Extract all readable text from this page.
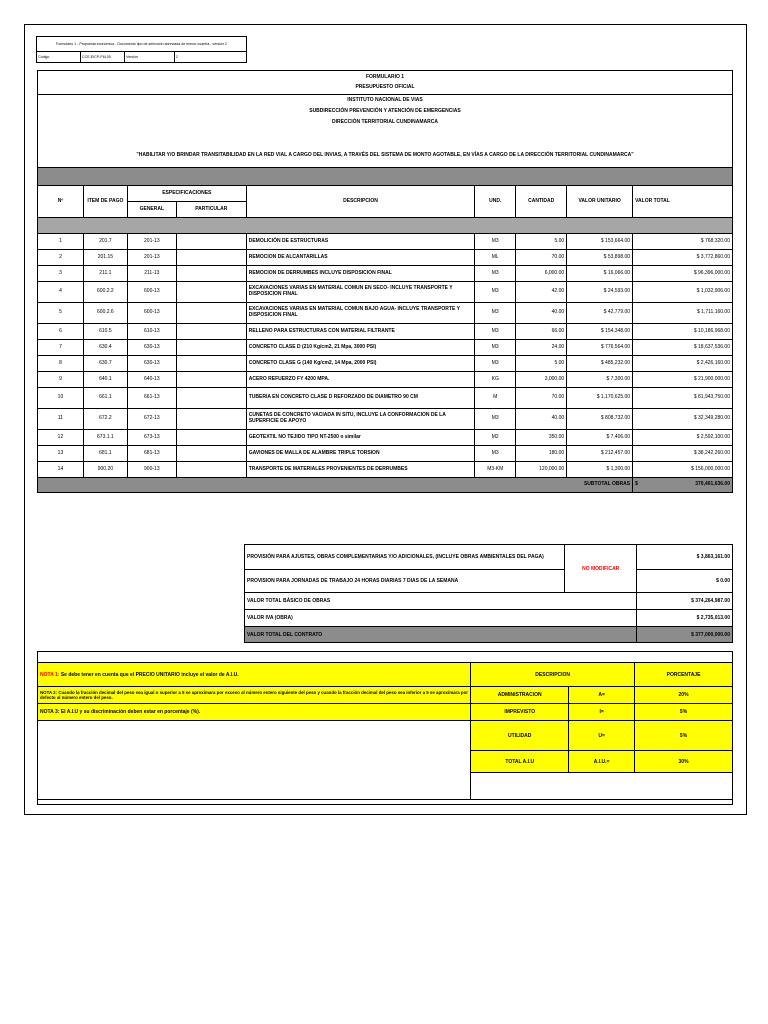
Formulario 1 - Propuesta económica - Documento tipo de selección abreviada de menor cuantía - versión 2
Código	CCE-EICP-FM-05	Versión	2
FORMULARIO 1								
PRESUPUESTO OFICIAL								
INSTITUTO NACIONAL DE VIAS								
SUBDIRECCIÓN PREVENCIÓN Y ATENCIÓN DE EMERGENCIAS								
DIRECCIÓN TERRITORIAL CUNDINAMARCA								
"HABILITAR Y/O BRINDAR TRANSITABILIDAD EN LA RED VIAL A CARGO DEL INVIAS, A TRAVÉS DEL SISTEMA DE MONTO AGOTABLE, EN VÍAS A CARGO DE LA DIRECCIÓN TERRITORIAL CUNDINAMARCA"								

Nº	ITEM DE PAGO	ESPECIFICACIONES		DESCRIPCION	UND.	CANTIDAD	VALOR UNITARIO	VALOR TOTAL
		GENERAL	PARTICULAR					

1	201.7	201-13		DEMOLICIÓN DE ESTRUCTURAS	M3	5.00	$ 153,664.00	$ 768,320.00
2	201.15	201-13		REMOCION DE ALCANTARILLAS	ML	70.00	$ 53,898.00	$ 3,772,860.00
3	211.1	211-13		REMOCION DE DERRUMBES INCLUYE DISPOSICION FINAL	M3	6,000.00	$ 16,066.00	$ 96,396,000.00
4	600.2.2	600-13		EXCAVACIONES VARIAS EN MATERIAL COMUN EN SECO- INCLUYE TRANSPORTE Y DISPOSICION FINAL	M3	42.00	$ 24,593.00	$ 1,032,906.00
5	600.2.6	600-13		EXCAVACIONES VARIAS EN MATERIAL COMUN BAJO AGUA- INCLUYE TRANSPORTE Y DISPOSICION FINAL	M3	40.00	$ 42,779.00	$ 1,711,160.00
6	610.5	610-13		RELLENO PARA ESTRUCTURAS CON MATERIAL FILTRANTE	M3	66.00	$ 154,348.00	$ 10,186,968.00
7	630.4	630-13		CONCRETO CLASE D (210 Kg/cm2, 21 Mpa, 3000 PSI)	M3	24.00	$ 776,564.00	$ 18,637,536.00
8	630.7	630-13		CONCRETO CLASE G (140 Kg/cm2, 14 Mpa, 2000 PSI)	M3	5.00	$ 485,232.00	$ 2,426,160.00
9	640.1	640-13		ACERO REFUERZO FY 4200 MPA.	KG	3,000.00	$ 7,300.00	$ 21,900,000.00
10	661.1	661-13		TUBERIA EN CONCRETO CLASE D REFORZADO DE DIAMETRO 90 CM	M	70.00	$ 1,170,625.00	$ 81,943,750.00
11	672.2	672-13		CUNETAS DE CONCRETO VACIADA IN SITU, INCLUYE LA CONFORMACION DE LA SUPERFICIE DE APOYO	M3	40.00	$ 808,732.00	$ 32,349,280.00
12	673.1.1	673-13		GEOTEXTIL NO TEJIDO TIPO NT-2500 o similar	M2	350.00	$ 7,406.00	$ 2,592,100.00
13	681.1	681-13		GAVIONES DE MALLA DE ALAMBRE TRIPLE TORSION	M3	180.00	$ 212,457.00	$ 38,242,260.00
14	900.20	900-13		TRANSPORTE DE MATERIALES PROVENIENTES DE DERRUMBES	M3-KM	120,000.00	$ 1,300.00	$ 156,000,000.00
							SUBTOTAL OBRAS	$ 370,401,636.00
PROVISIÓN PARA AJUSTES, OBRAS COMPLEMENTARIAS Y/O ADICIONALES, (INCLUYE OBRAS AMBIENTALES DEL PAGA)	NO MODIFICAR	$ 3,863,161.00
PROVISION PARA JORNADAS DE TRABAJO 24 HORAS DIARIAS 7 DIAS DE LA SEMANA		$ 0.00
VALOR TOTAL BÁSICO DE OBRAS		$ 374,264,987.00
VALOR IVA (OBRA)		$ 2,735,013.00
VALOR TOTAL DEL CONTRATO		$ 377,000,000.00

NOTA 1: Se debe tener en cuenta que el PRECIO UNITARIO incluye el valor de A.I.U.	DESCRIPCION		PORCENTAJE
NOTA 2: Cuando la fracción decimal del peso sea igual o superior a 5 se aproximara por exceso al número entero siguiente del peso y cuando la fracción decimal del peso sea inferior a 5 se aproximara por defecto al número entero del peso.	ADMINISTRACION	A=	20%
NOTA 3: El A.I.U y su discriminación deben estar en porcentaje (%).	IMPREVISTO	I=	5%
	UTILIDAD	U=	5%
	TOTAL A.I.U	A.I.U.=	30%
